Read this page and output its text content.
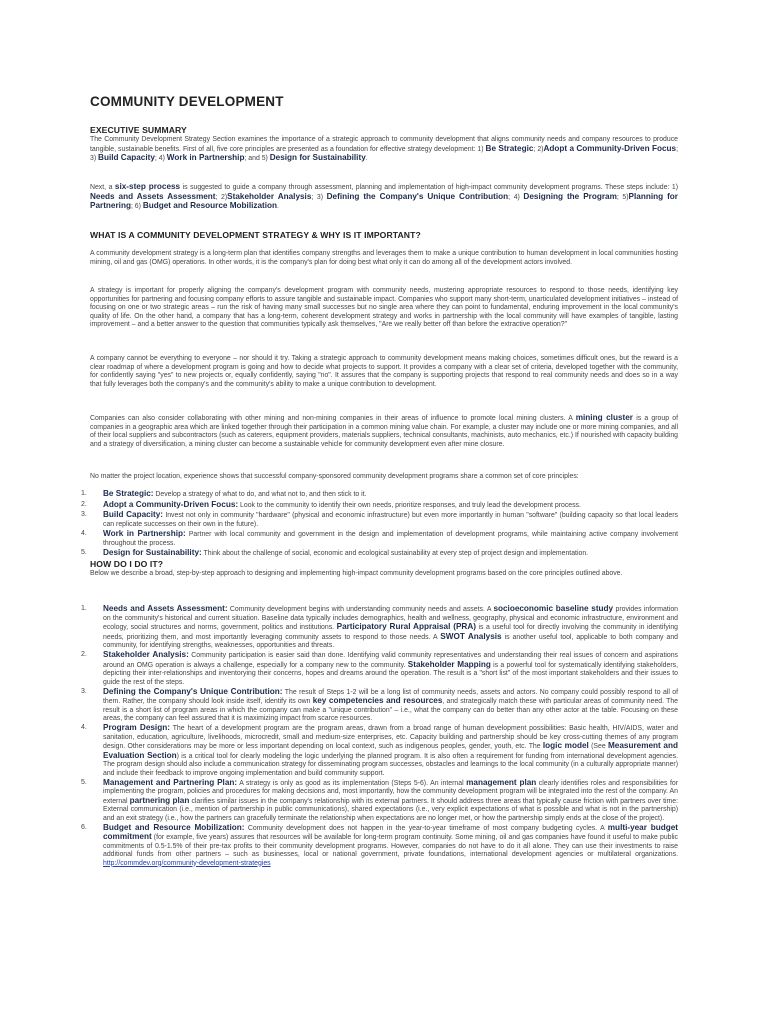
COMMUNITY DEVELOPMENT
EXECUTIVE SUMMARY

The Community Development Strategy Section examines the importance of a strategic approach to community development that aligns community needs and company resources to produce tangible, sustainable benefits. First of all, five core principles are presented as a foundation for effective strategy development: 1) Be Strategic; 2)Adopt a Community-Driven Focus; 3) Build Capacity; 4) Work in Partnership; and 5) Design for Sustainability.

Next, a six-step process is suggested to guide a company through assessment, planning and implementation of high-impact community development programs. These steps include: 1) Needs and Assets Assessment; 2)Stakeholder Analysis; 3) Defining the Company's Unique Contribution; 4) Designing the Program; 5)Planning for Partnering; 6) Budget and Resource Mobilization.

WHAT IS A COMMUNITY DEVELOPMENT STRATEGY & WHY IS IT IMPORTANT?

A community development strategy is a long-term plan that identifies company strengths and leverages them to make a unique contribution to human development in local communities hosting mining, oil and gas (OMG) operations. In other words, it is the company's plan for doing best what only it can do among all of the development actors involved.

A strategy is important for properly aligning the company's development program with community needs, mustering appropriate resources to respond to those needs, identifying key opportunities for partnering and focusing company efforts to assure tangible and sustainable impact. Companies who support many short-term, unarticulated development initiatives – instead of focusing on one or two strategic areas – run the risk of having many small successes but no single area where they can point to fundamental, enduring improvement in the local community's quality of life. On the other hand, a company that has a long-term, coherent development strategy and works in partnership with the local community will have examples of tangible, lasting improvement – and a better answer to the question that communities typically ask themselves, "Are we really better off than before the extractive operation?"

A company cannot be everything to everyone – nor should it try. Taking a strategic approach to community development means making choices, sometimes difficult ones, but the reward is a clear roadmap of where a development program is going and how to decide what projects to support. It provides a company with a clear set of criteria, developed together with the community, for confidently saying "yes" to new projects or, equally confidently, saying "no". It assures that the company is supporting projects that respond to real community needs and does so in a way that fully leverages both the company's and the community's ability to make a unique contribution to development.

Companies can also consider collaborating with other mining and non-mining companies in their areas of influence to promote local mining clusters. A mining cluster is a group of companies in a geographic area which are linked together through their participation in a common mining value chain. For example, a cluster may include one or more mining companies, and all of their local suppliers and subcontractors (such as caterers, equipment providers, materials suppliers, technical consultants, machinists, auto mechanics, etc.) If nourished with capacity building and a strategy of diversification, a mining cluster can become a sustainable vehicle for community development even after mine closure.

No matter the project location, experience shows that successful company-sponsored community development programs share a common set of core principles:

1. Be Strategic: Develop a strategy of what to do, and what not to, and then stick to it.
2. Adopt a Community-Driven Focus: Look to the community to identify their own needs, prioritize responses, and truly lead the development process.
3. Build Capacity: Invest not only in community "hardware" (physical and economic infrastructure) but even more importantly in human "software" (building capacity so that local leaders can replicate successes on their own in the future).
4. Work in Partnership: Partner with local community and government in the design and implementation of development programs, while maintaining active company involvement throughout the process.
5. Design for Sustainability: Think about the challenge of social, economic and ecological sustainability at every step of project design and implementation.
HOW DO I DO IT?

Below we describe a broad, step-by-step approach to designing and implementing high-impact community development programs based on the core principles outlined above.

1. Needs and Assets Assessment: Community development begins with understanding community needs and assets. A socioeconomic baseline study provides information on the community's historical and current situation. Baseline data typically includes demographics, health and wellness, geography, physical and economic infrastructure, environment and ecology, social structures and norms, government, politics and institutions. Participatory Rural Appraisal (PRA) is a useful tool for directly involving the community in identifying needs, prioritizing them, and most importantly leveraging community assets to respond to those needs. A SWOT Analysis is another useful tool, applicable to both company and community, for identifying strengths, weaknesses, opportunities and threats.
2. Stakeholder Analysis: Community participation is easier said than done. Identifying valid community representatives and understanding their real issues of concern and aspirations around an OMG operation is always a challenge, especially for a company new to the community. Stakeholder Mapping is a powerful tool for systematically identifying stakeholders, depicting their inter-relationships and inventorying their concerns, hopes and dreams around the operation. The result is a "short list" of the most important stakeholders and their issues to guide the rest of the steps.
3. Defining the Company's Unique Contribution: The result of Steps 1-2 will be a long list of community needs, assets and actors. No company could possibly respond to all of them. Rather, the company should look inside itself, identify its own key competencies and resources, and strategically match these with particular areas of community need. The result is a short list of program areas in which the company can make a "unique contribution" – i.e., what the company can do better than any other actor at the table. Focusing on these areas, the company can feel assured that it is maximizing impact from scarce resources.
4. Program Design: The heart of a development program are the program areas, drawn from a broad range of human development possibilities: Basic health, HIV/AIDS, water and sanitation, education, agriculture, livelihoods, microcredit, small and medium-size enterprises, etc. Capacity building and partnership should be key cross-cutting themes of any program design. Other considerations may be more or less important depending on local context, such as indigenous peoples, gender, youth, etc. The logic model (See Measurement and Evaluation Section) is a critical tool for clearly modeling the logic underlying the planned program. It is also often a requirement for funding from international development agencies. The program design should also include a communication strategy for disseminating program successes, obstacles and learnings to the local community (in a culturally appropriate manner) and include their feedback to improve ongoing implementation and build community support.
5. Management and Partnering Plan: A strategy is only as good as its implementation (Steps 5-6). An internal management plan clearly identifies roles and responsibilities for implementing the program, policies and procedures for making decisions and, most importantly, how the community development program will be integrated into the rest of the company. An external partnering plan clarifies similar issues in the company's relationship with its external partners. It should address three areas that typically cause friction with partners over time: External communication (i.e., mention of partnership in public communications), shared expectations (i.e., very explicit expectations of what is possible and what is not in the partnership) and an exit strategy (i.e., how the partners can gracefully terminate the relationship when expectations are no longer met, or how the partnership simply ends at the close of the project).
6. Budget and Resource Mobilization: Community development does not happen in the year-to-year timeframe of most company budgeting cycles. A multi-year budget commitment (for example, five years) assures that resources will be available for long-term program continuity. Some mining, oil and gas companies have found it useful to make public commitments of 0.5-1.5% of their pre-tax profits to their community development programs. However, companies do not have to do it all alone. They can use their investments to raise additional funds from other partners – such as businesses, local or national government, private foundations, international development agencies or multilateral organizations. http://commdev.org/community-development-strategies
